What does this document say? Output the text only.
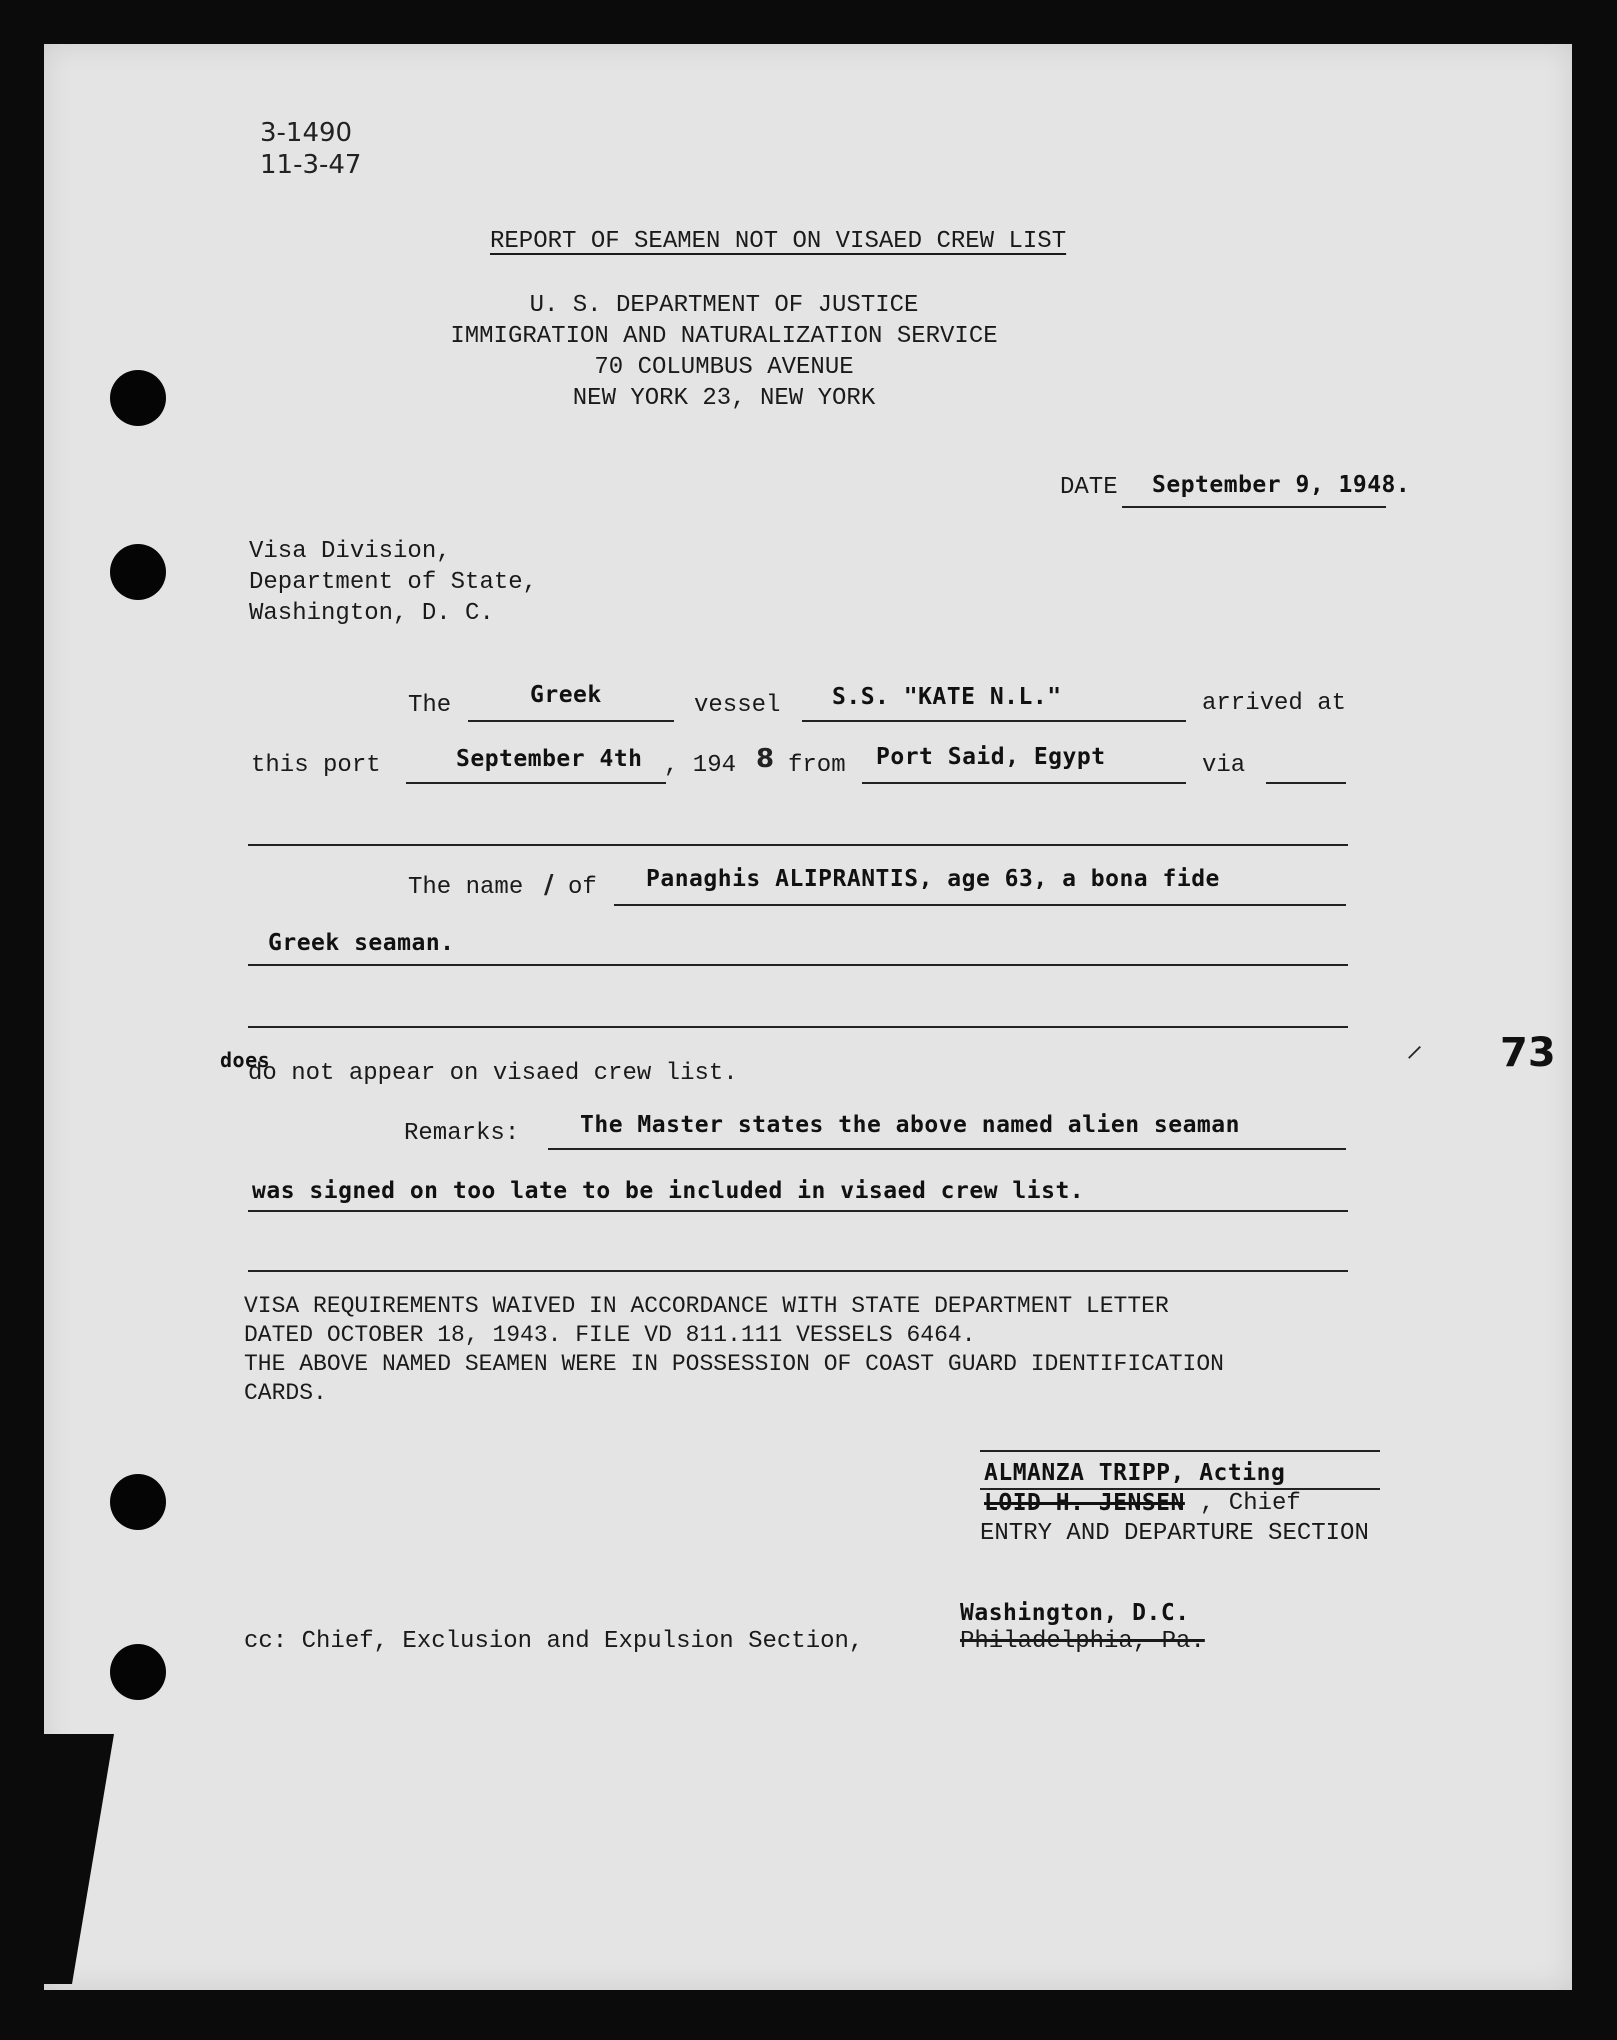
3-1490
11-3-47
REPORT OF SEAMEN NOT ON VISAED CREW LIST
U. S. DEPARTMENT OF JUSTICE
IMMIGRATION AND NATURALIZATION SERVICE
70 COLUMBUS AVENUE
NEW YORK 23, NEW YORK
DATE September 9, 1948.
Visa Division,
Department of State,
Washington, D. C.
The	Greek	vessel S.S. "KATE N.L."	arrived at
this port	September 4th , 194 8 from Port Said, Egypt	via
The name / of Panaghis ALIPRANTIS, age 63, a bona fide
Greek seaman.
does
do not appear on visaed crew list.
Remarks:	The Master states the above named alien seaman
was signed on too late to be included in visaed crew list.
VISA REQUIREMENTS WAIVED IN ACCORDANCE WITH STATE DEPARTMENT LETTER
DATED OCTOBER 18, 1943. FILE VD 811.111 VESSELS 6464.
THE ABOVE NAMED SEAMEN WERE IN POSSESSION OF COAST GUARD IDENTIFICATION
CARDS.
ALMANZA TRIPP, Acting
LOID H. JENSEN , Chief
ENTRY AND DEPARTURE SECTION
cc: Chief, Exclusion and Expulsion Section,
Washington, D.C.
Philadelphia, Pa.
⸝ 73
